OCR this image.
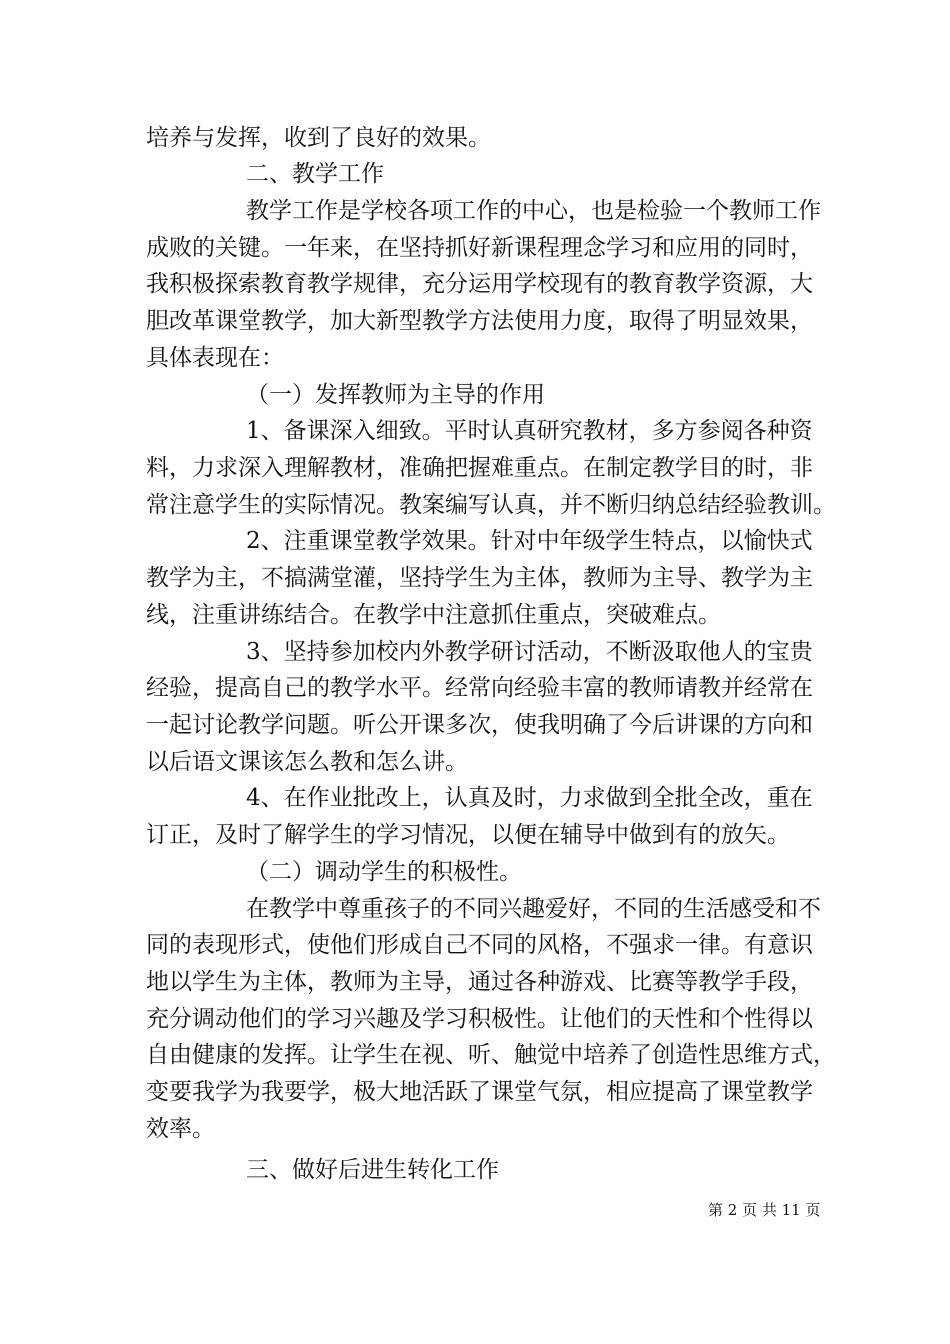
培养与发挥，收到了良好的效果。
二、教学工作
教学工作是学校各项工作的中心，也是检验一个教师工作
成败的关键。一年来，在坚持抓好新课程理念学习和应用的同时，
我积极探索教育教学规律，充分运用学校现有的教育教学资源，大
胆改革课堂教学，加大新型教学方法使用力度，取得了明显效果，
具体表现在：
（一）发挥教师为主导的作用
1、备课深入细致。平时认真研究教材，多方参阅各种资
料，力求深入理解教材，准确把握难重点。在制定教学目的时，非
常注意学生的实际情况。教案编写认真，并不断归纳总结经验教训。
2、注重课堂教学效果。针对中年级学生特点，以愉快式
教学为主，不搞满堂灌，坚持学生为主体，教师为主导、教学为主
线，注重讲练结合。在教学中注意抓住重点，突破难点。
3、坚持参加校内外教学研讨活动，不断汲取他人的宝贵
经验，提高自己的教学水平。经常向经验丰富的教师请教并经常在
一起讨论教学问题。听公开课多次，使我明确了今后讲课的方向和
以后语文课该怎么教和怎么讲。
4、在作业批改上，认真及时，力求做到全批全改，重在
订正，及时了解学生的学习情况，以便在辅导中做到有的放矢。
（二）调动学生的积极性。
在教学中尊重孩子的不同兴趣爱好，不同的生活感受和不
同的表现形式，使他们形成自己不同的风格，不强求一律。有意识
地以学生为主体，教师为主导，通过各种游戏、比赛等教学手段，
充分调动他们的学习兴趣及学习积极性。让他们的天性和个性得以
自由健康的发挥。让学生在视、听、触觉中培养了创造性思维方式，
变要我学为我要学，极大地活跃了课堂气氛，相应提高了课堂教学
效率。
三、做好后进生转化工作
第 2 页 共 11 页
